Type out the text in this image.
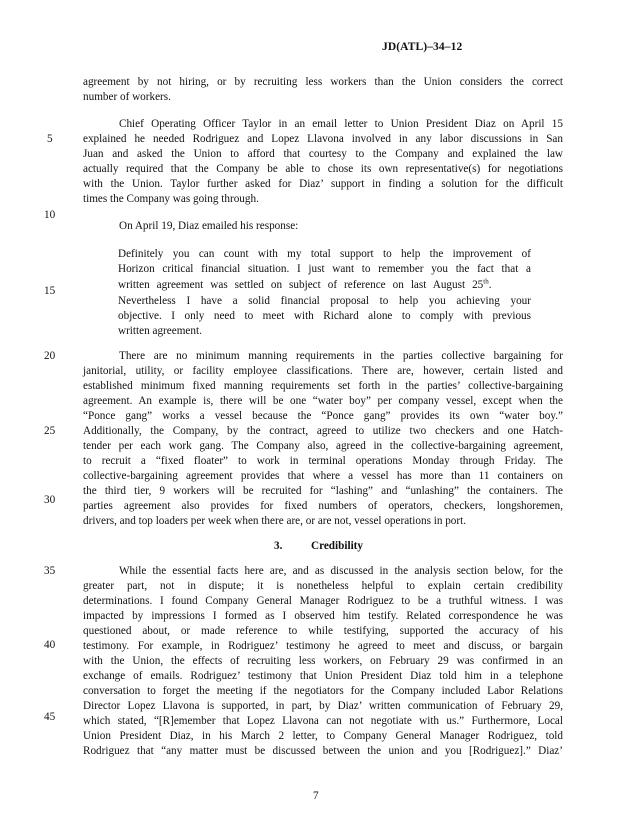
JD(ATL)–34–12
5
10
15
20
25
30
35
40
45
agreement by not hiring, or by recruiting less workers than the Union considers the correct
number of workers.
Chief Operating Officer Taylor in an email letter to Union President Diaz on April 15
explained he needed Rodriguez and Lopez Llavona involved in any labor discussions in San
Juan and asked the Union to afford that courtesy to the Company and explained the law
actually required that the Company be able to chose its own representative(s) for negotiations
with the Union. Taylor further asked for Diaz’ support in finding a solution for the difficult
times the Company was going through.
On April 19, Diaz emailed his response:
Definitely you can count with my total support to help the improvement of
Horizon critical financial situation. I just want to remember you the fact that a
written agreement was settled on subject of reference on last August 25th.
Nevertheless I have a solid financial proposal to help you achieving your
objective. I only need to meet with Richard alone to comply with previous
written agreement.
There are no minimum manning requirements in the parties collective bargaining for
janitorial, utility, or facility employee classifications. There are, however, certain listed and
established minimum fixed manning requirements set forth in the parties’ collective-bargaining
agreement. An example is, there will be one “water boy” per company vessel, except when the
“Ponce gang” works a vessel because the “Ponce gang” provides its own “water boy.”
Additionally, the Company, by the contract, agreed to utilize two checkers and one Hatch-
tender per each work gang. The Company also, agreed in the collective-bargaining agreement,
to recruit a “fixed floater” to work in terminal operations Monday through Friday. The
collective-bargaining agreement provides that where a vessel has more than 11 containers on
the third tier, 9 workers will be recruited for “lashing” and “unlashing” the containers. The
parties agreement also provides for fixed numbers of operators, checkers, longshoremen,
drivers, and top loaders per week when there are, or are not, vessel operations in port.
3.	Credibility
While the essential facts here are, and as discussed in the analysis section below, for the
greater part, not in dispute; it is nonetheless helpful to explain certain credibility
determinations. I found Company General Manager Rodriguez to be a truthful witness. I was
impacted by impressions I formed as I observed him testify. Related correspondence he was
questioned about, or made reference to while testifying, supported the accuracy of his
testimony. For example, in Rodriguez’ testimony he agreed to meet and discuss, or bargain
with the Union, the effects of recruiting less workers, on February 29 was confirmed in an
exchange of emails. Rodriguez’ testimony that Union President Diaz told him in a telephone
conversation to forget the meeting if the negotiators for the Company included Labor Relations
Director Lopez Llavona is supported, in part, by Diaz’ written communication of February 29,
which stated, “[R]emember that Lopez Llavona can not negotiate with us.” Furthermore, Local
Union President Diaz, in his March 2 letter, to Company General Manager Rodriguez, told
Rodriguez that “any matter must be discussed between the union and you [Rodriguez].” Diaz’
7
